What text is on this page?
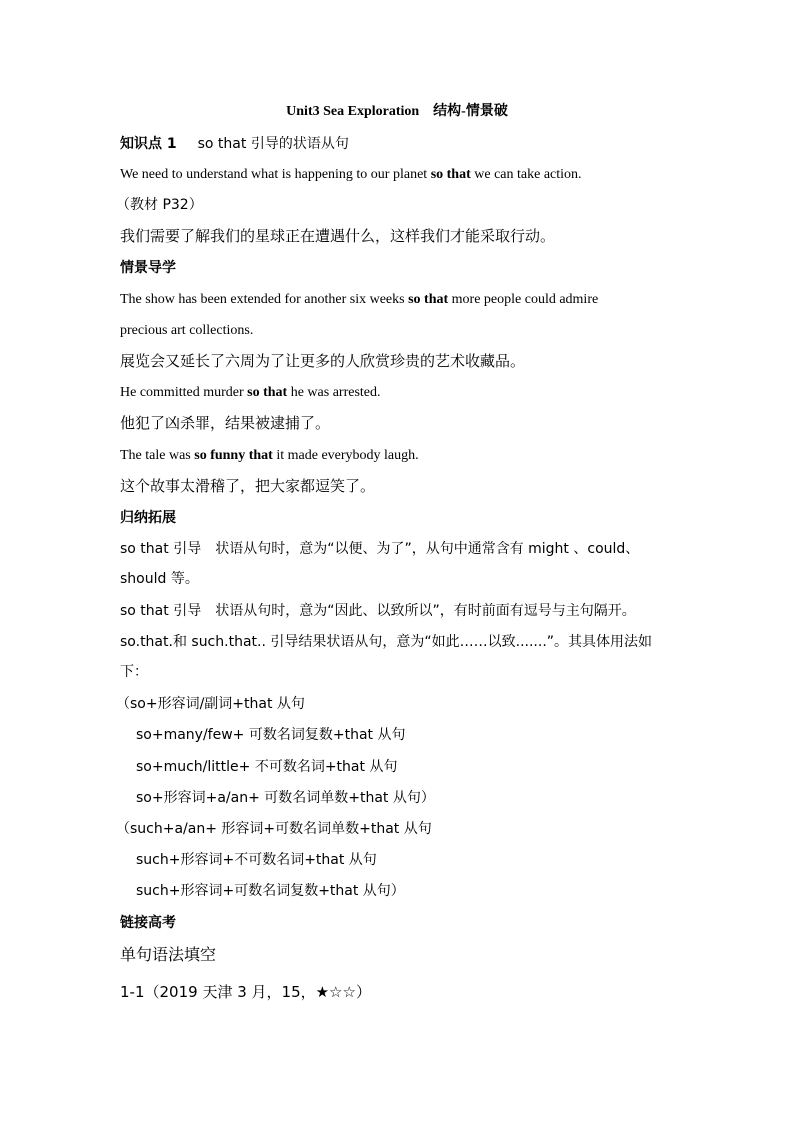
Unit3 Sea Exploration　结构-情景破
知识点 1 so that 引导的状语从句
We need to understand what is happening to our planet so that we can take action.
（教材 P32）
我们需要了解我们的星球正在遭遇什么，这样我们才能采取行动。
情景导学
The show has been extended for another six weeks so that more people could admire
precious art collections.
展览会又延长了六周为了让更多的人欣赏珍贵的艺术收藏品。
He committed murder so that he was arrested.
他犯了凶杀罪，结果被逮捕了。
The tale was so funny that it made everybody laugh.
这个故事太滑稽了，把大家都逗笑了。
归纳拓展
so that 引导　状语从句时，意为“以便、为了”，从句中通常含有 might 、could、
should 等。
so that 引导　状语从句时，意为“因此、以致所以”，有时前面有逗号与主句隔开。
so.that.和 such.that.. 引导结果状语从句，意为“如此……以致.......”。其具体用法如
下：
（so+形容词/副词+that 从句
so+many/few+ 可数名词复数+that 从句
so+much/little+ 不可数名词+that 从句
so+形容词+a/an+ 可数名词单数+that 从句）
（such+a/an+ 形容词+可数名词单数+that 从句
such+形容词+不可数名词+that 从句
such+形容词+可数名词复数+that 从句）
链接高考
单句语法填空
1-1（2019 天津 3 月，15，★☆☆）
